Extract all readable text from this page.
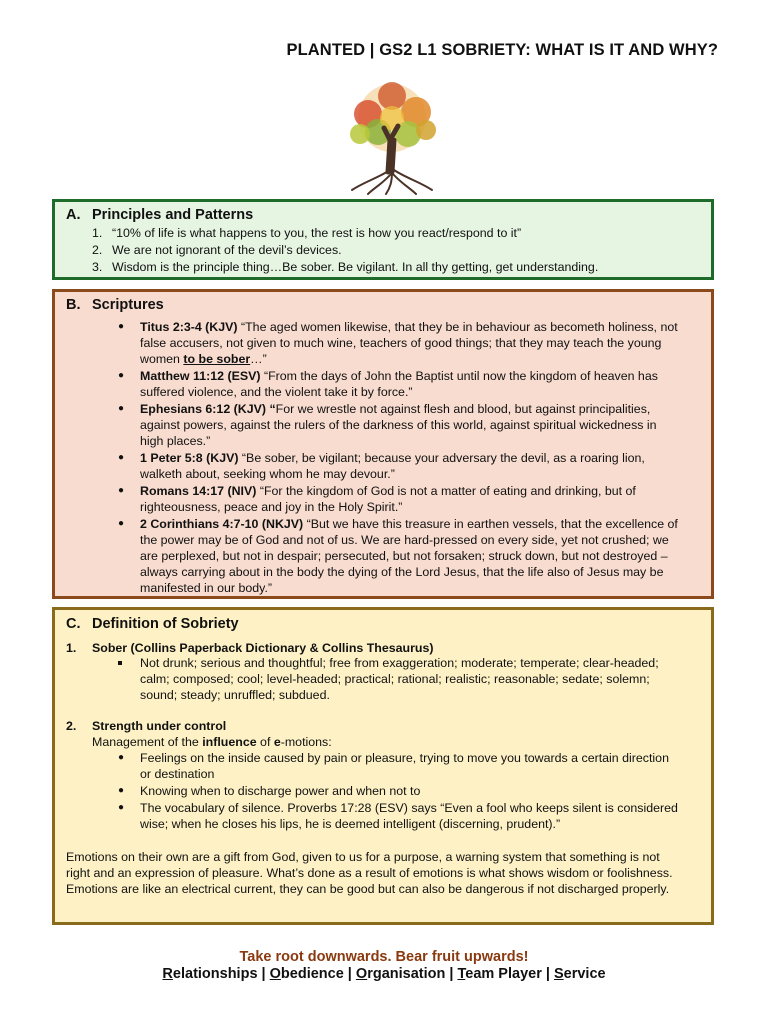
PLANTED | GS2 L1 SOBRIETY: WHAT IS IT AND WHY?
A. Principles and Patterns
1. “10% of life is what happens to you, the rest is how you react/respond to it”
2. We are not ignorant of the devil’s devices.
3. Wisdom is the principle thing…Be sober. Be vigilant. In all thy getting, get understanding.
B. Scriptures
● Titus 2:3-4 (KJV) “The aged women likewise, that they be in behaviour as becometh holiness, not
false accusers, not given to much wine, teachers of good things; that they may teach the young
women to be sober…”
● Matthew 11:12 (ESV) “From the days of John the Baptist until now the kingdom of heaven has
suffered violence, and the violent take it by force.”
● Ephesians 6:12 (KJV) “For we wrestle not against flesh and blood, but against principalities,
against powers, against the rulers of the darkness of this world, against spiritual wickedness in
high places.”
● 1 Peter 5:8 (KJV) “Be sober, be vigilant; because your adversary the devil, as a roaring lion,
walketh about, seeking whom he may devour.”
● Romans 14:17 (NIV) “For the kingdom of God is not a matter of eating and drinking, but of
righteousness, peace and joy in the Holy Spirit.”
● 2 Corinthians 4:7-10 (NKJV) “But we have this treasure in earthen vessels, that the excellence of
the power may be of God and not of us. We are hard-pressed on every side, yet not crushed; we
are perplexed, but not in despair; persecuted, but not forsaken; struck down, but not destroyed –
always carrying about in the body the dying of the Lord Jesus, that the life also of Jesus may be
manifested in our body.”
C. Definition of Sobriety
1. Sober (Collins Paperback Dictionary & Collins Thesaurus)
Not drunk; serious and thoughtful; free from exaggeration; moderate; temperate; clear-headed;
calm; composed; cool; level-headed; practical; rational; realistic; reasonable; sedate; solemn;
sound; steady; unruffled; subdued.
2. Strength under control
Management of the influence of e-motions:
● Feelings on the inside caused by pain or pleasure, trying to move you towards a certain direction
or destination
● Knowing when to discharge power and when not to
● The vocabulary of silence. Proverbs 17:28 (ESV) says “Even a fool who keeps silent is considered
wise; when he closes his lips, he is deemed intelligent (discerning, prudent).”
Emotions on their own are a gift from God, given to us for a purpose, a warning system that something is not
right and an expression of pleasure. What’s done as a result of emotions is what shows wisdom or foolishness.
Emotions are like an electrical current, they can be good but can also be dangerous if not discharged properly.
Take root downwards. Bear fruit upwards!
Relationships | Obedience | Organisation | Team Player | Service
